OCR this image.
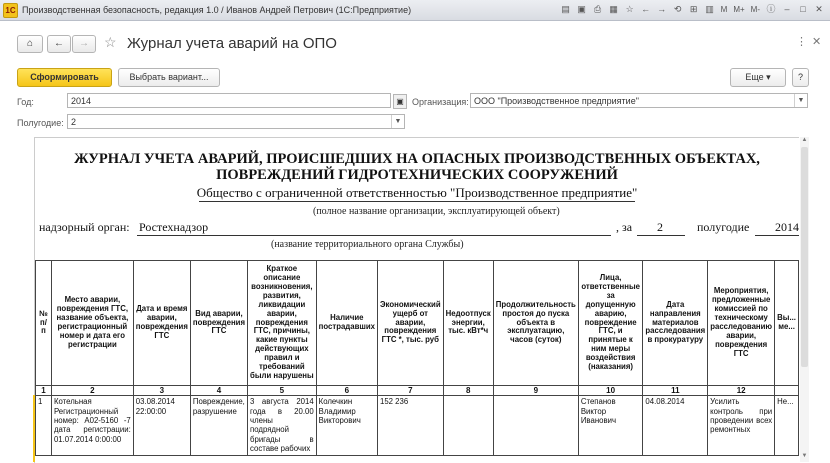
1С Производственная безопасность, редакция 1.0 / Иванов Андрей Петрович (1С:Предприятие)	▤ ▣ ⎙ ▦ ☆ ← → ⟲ ⊞ ▥ M M+ M- ⓘ –	□	✕
⌂	←	→	☆ Журнал учета аварий на ОПО	⋮ ✕
Сформировать	Выбрать вариант...	Еще ▾	?
Год:	2014	▣ Организация: ООО "Производственное предприятие"	▼
Полугодие: 2	▼
ЖУРНАЛ УЧЕТА АВАРИЙ, ПРОИСШЕДШИХ НА ОПАСНЫХ ПРОИЗВОДСТВЕННЫХ ОБЪЕКТАХ,
ПОВРЕЖДЕНИЙ ГИДРОТЕХНИЧЕСКИХ СООРУЖЕНИЙ
Общество с ограниченной ответственностью "Производственное предприятие"
(полное название организации, эксплуатирующей объект)
надзорный орган: Ростехнадзор	, за 2	полугодие 2014
(название территориального органа Службы)
№ п/п	Место аварии, повреждения ГТС, название объекта, регистрационный номер и дата его регистрации	Дата и время аварии, повреждения ГТС	Вид аварии, повреждения ГТС	Краткое описание возникновения, развития, ликвидации аварии, повреждения ГТС, причины, какие пункты действующих правил и требований были нарушены	Наличие пострадавших	Экономический ущерб от аварии, повреждения ГТС *, тыс. руб	Недоотпуск энергии, тыс. кВт*ч	Продолжительность простоя до пуска объекта в эксплуатацию, часов (суток)	Лица, ответственные за допущенную аварию, повреждение ГТС, и принятые к ним меры воздействия (наказания)	Дата направления материалов расследования в прокуратуру	Мероприятия, предложенные комиссией по техническому расследованию аварии, повреждения ГТС	Вы... ме...
1	2	3	4	5	6	7	8	9	10	11	12	
1	Котельная Регистрационный номер: А02-5160 -7 дата регистрации: 01.07.2014 0:00:00	03.08.2014 22:00:00	Повреждение, разрушение	3 августа 2014 года в 20.00 члены подрядной бригады в составе рабочих	Колечкин Владимир Викторович	152 236			Степанов Виктор Иванович	04.08.2014	Усилить контроль при проведении всех ремонтных	Не...
▲
▼
